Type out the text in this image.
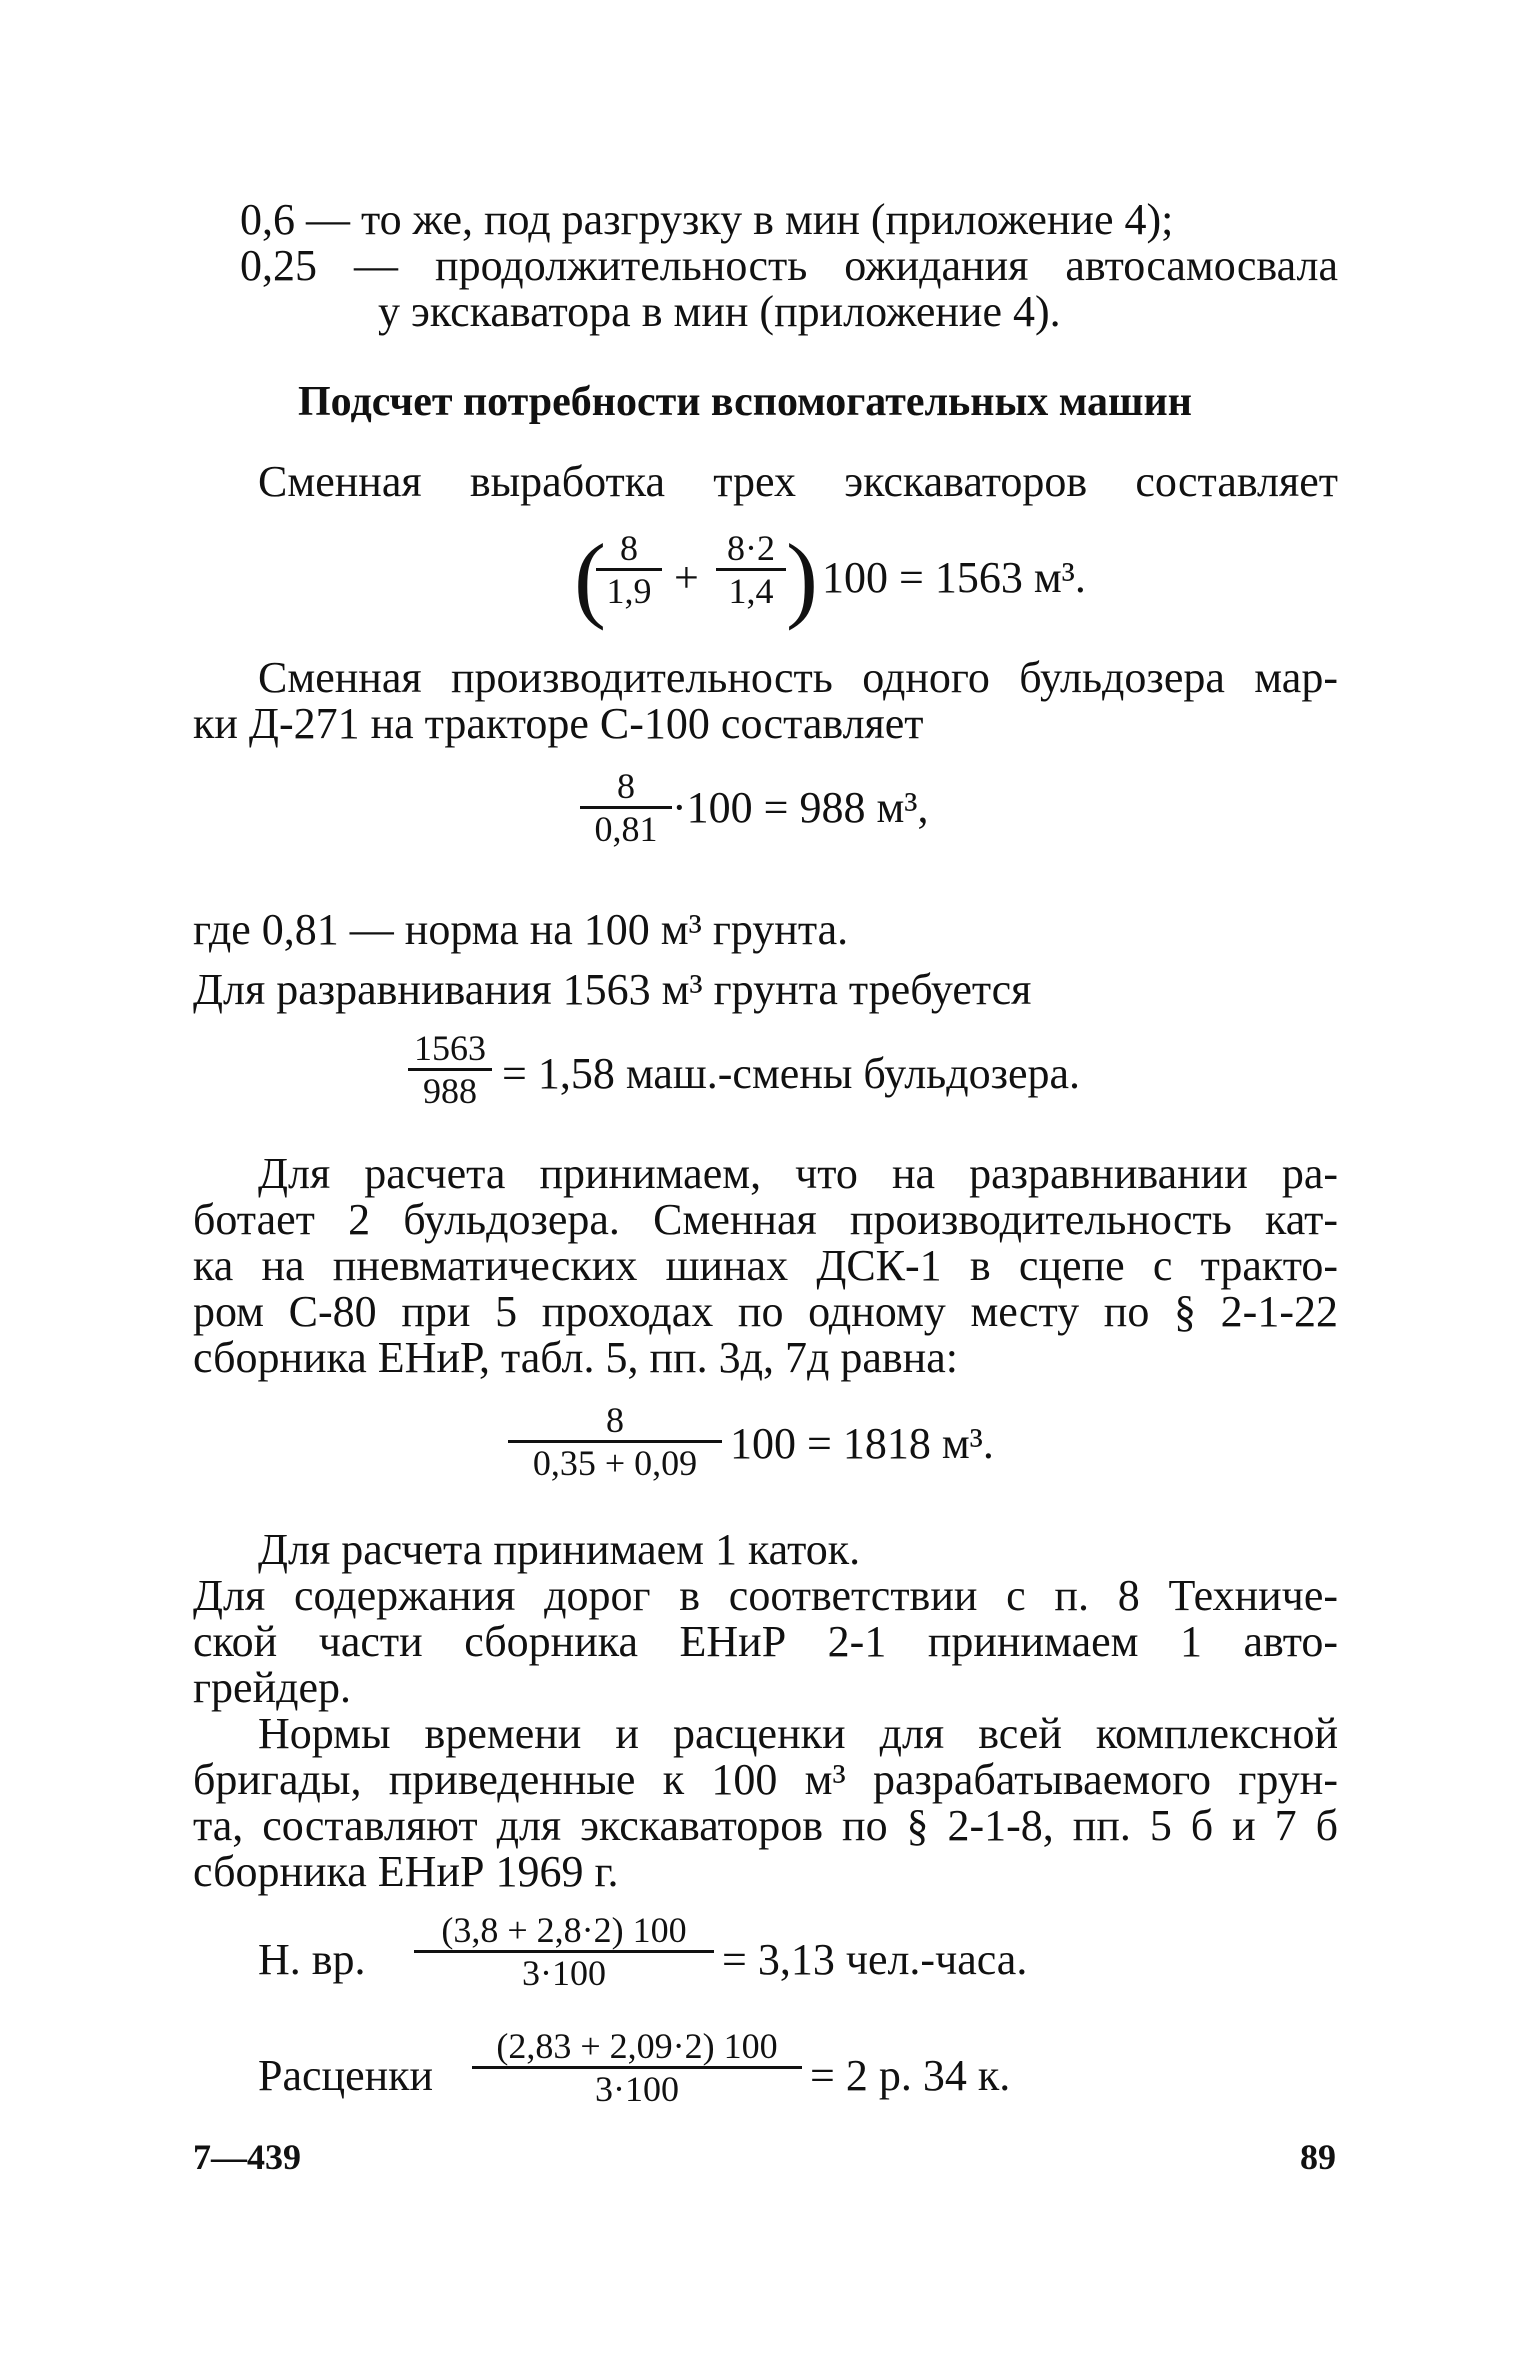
0,6 — то же, под разгрузку в мин (приложение 4);
0,25 — продолжительность ожидания автосамосвала
у экскаватора в мин (приложение 4).
Подсчет потребности вспомогательных машин
Сменная выработка трех экскаваторов составляет
( 8
1,9 +
8·2
1,4 ) 100 = 1563 м³.
Сменная производительность одного бульдозера мар-
ки Д-271 на тракторе С-100 составляет
8
0,81 ·100 = 988 м³,
где 0,81 — норма на 100 м³ грунта.
Для разравнивания 1563 м³ грунта требуется
1563
988 = 1,58 маш.-смены бульдозера.
Для расчета принимаем, что на разравнивании ра-
ботает 2 бульдозера. Сменная производительность кат-
ка на пневматических шинах ДСК-1 в сцепе с тракто-
ром С-80 при 5 проходах по одному месту по § 2-1-22
сборника ЕНиР, табл. 5, пп. 3д, 7д равна:
8
0,35 + 0,09 100 = 1818 м³.
Для расчета принимаем 1 каток.
Для содержания дорог в соответствии с п. 8 Техниче-
ской части сборника ЕНиР 2-1 принимаем 1 авто-
грейдер.
Нормы времени и расценки для всей комплексной
бригады, приведенные к 100 м³ разрабатываемого грун-
та, составляют для экскаваторов по § 2-1-8, пп. 5 б и 7 б
сборника ЕНиР 1969 г.
Н. вр.
(3,8 + 2,8·2) 100
3·100	= 3,13 чел.-часа.
Расценки
(2,83 + 2,09·2) 100
3·100	= 2 р. 34 к.
7—439	89
